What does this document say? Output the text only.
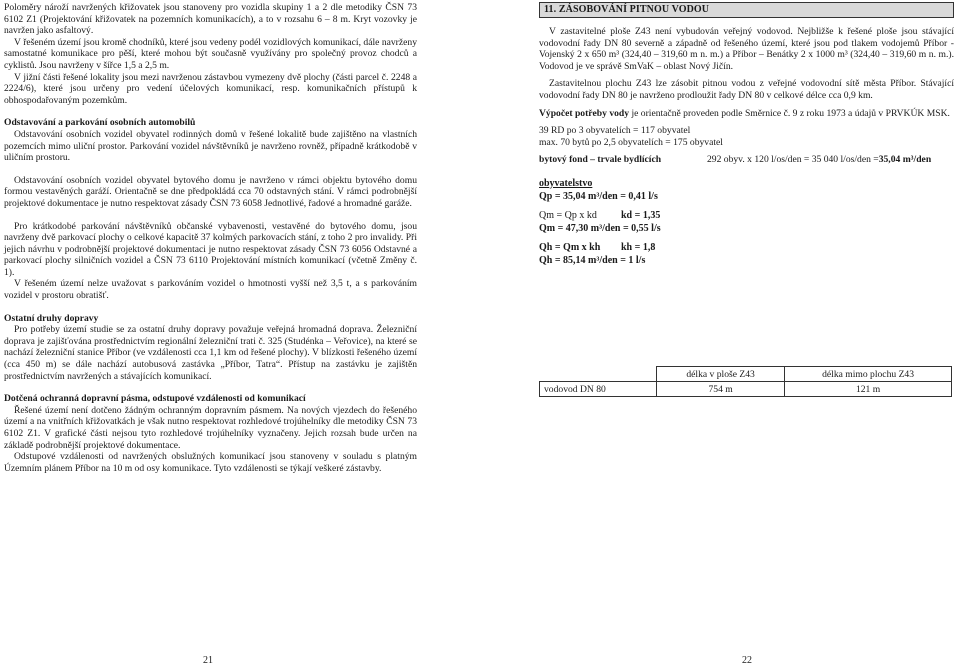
Poloměry nároží navržených křižovatek jsou stanoveny pro vozidla skupiny 1 a 2 dle metodiky ČSN 73 6102 Z1 (Projektování křižovatek na pozemních komunikacích), a to v rozsahu 6 – 8 m. Kryt vozovky je navržen jako asfaltový.

V řešeném území jsou kromě chodníků, které jsou vedeny podél vozidlových komunikací, dále navrženy samostatné komunikace pro pěší, které mohou být současně využívány pro společný provoz chodců a cyklistů. Jsou navrženy v šířce 1,5 a 2,5 m.

V jižní části řešené lokality jsou mezi navrženou zástavbou vymezeny dvě plochy (části parcel č. 2248 a 2224/6), které jsou určeny pro vedení účelových komunikací, resp. komunikačních přístupů k obhospodařovaným pozemkům.

Odstavování a parkování osobních automobilů

Odstavování osobních vozidel obyvatel rodinných domů v řešené lokalitě bude zajištěno na vlastních pozemcích mimo uliční prostor. Parkování vozidel návštěvníků je navrženo rovněž, případně krátkodobě v uličním prostoru.

Odstavování osobních vozidel obyvatel bytového domu je navrženo v rámci objektu bytového domu formou vestavěných garáží. Orientačně se dne předpokládá cca 70 odstavných stání. V rámci podrobnější projektové dokumentace je nutno respektovat zásady ČSN 73 6058 Jednotlivé, řadové a hromadné garáže.

Pro krátkodobé parkování návštěvníků občanské vybavenosti, vestavěné do bytového domu, jsou navrženy dvě parkovací plochy o celkové kapacitě 37 kolmých parkovacích stání, z toho 2 pro invalidy. Při jejich návrhu v podrobnější projektové dokumentaci je nutno respektovat zásady ČSN 73 6056 Odstavné a parkovací plochy silničních vozidel a ČSN 73 6110 Projektování místních komunikací (včetně Změny č. 1).

V řešeném území nelze uvažovat s parkováním vozidel o hmotnosti vyšší než 3,5 t, a s parkováním vozidel v prostoru obratišť.

Ostatní druhy dopravy

Pro potřeby území studie se za ostatní druhy dopravy považuje veřejná hromadná doprava. Železniční doprava je zajišťována prostřednictvím regionální železniční trati č. 325 (Studénka – Veřovice), na které se nachází železniční stanice Příbor (ve vzdálenosti cca 1,1 km od řešené plochy). V blízkosti řešeného území (cca 450 m) se dále nachází autobusová zastávka „Příbor, Tatra“. Přístup na zastávku je zajištěn prostřednictvím navržených a stávajících komunikací.

Dotčená ochranná dopravní pásma, odstupové vzdálenosti od komunikací

Řešené území není dotčeno žádným ochranným dopravním pásmem. Na nových vjezdech do řešeného území a na vnitřních křižovatkách je však nutno respektovat rozhledové trojúhelníky dle metodiky ČSN 73 6102 Z1. V grafické části nejsou tyto rozhledové trojúhelníky vyznačeny. Jejich rozsah bude určen na základě podrobnější projektové dokumentace.

Odstupové vzdálenosti od navržených obslužných komunikací jsou stanoveny v souladu s platným Územním plánem Příbor na 10 m od osy komunikace. Tyto vzdálenosti se týkají veškeré zástavby.

21
11. ZÁSOBOVÁNÍ PITNOU VODOU

V zastavitelné ploše Z43 není vybudován veřejný vodovod. Nejbližše k řešené ploše jsou stávající vodovodní řady DN 80 severně a západně od řešeného území, které jsou pod tlakem vodojemů Příbor - Vojenský 2 x 650 m³ (324,40 – 319,60 m n. m.) a Příbor – Benátky 2 x 1000 m³ (324,40 – 319,60 m n. m.). Vodovod je ve správě SmVaK – oblast Nový Jičín.

Zastavitelnou plochu Z43 lze zásobit pitnou vodou z veřejné vodovodní sítě města Příbor. Stávající vodovodní řady DN 80 je navrženo prodloužit řady DN 80 v celkové délce cca 0,9 km.

Výpočet potřeby vody je orientačně proveden podle Směrnice č. 9 z roku 1973 a údajů v PRVKÚK MSK.

39 RD po 3 obyvatelích = 117 obyvatel

max. 70 bytů po 2,5 obyvatelích = 175 obyvatel

bytový fond – trvale bydlících	292 obyv. x 120 l/os/den = 35 040 l/os/den = 35,04 m³/den

obyvatelstvo

Qp = 35,04 m³/den = 0,41 l/s

Qm = Qp x kd	kd = 1,35

Qm = 47,30 m³/den = 0,55 l/s

Qh = Qm x kh	kh = 1,8

Qh = 85,14 m³/den = 1 l/s

	délka v ploše Z43	délka mimo plochu Z43
vodovod DN 80	754 m	121 m
22
